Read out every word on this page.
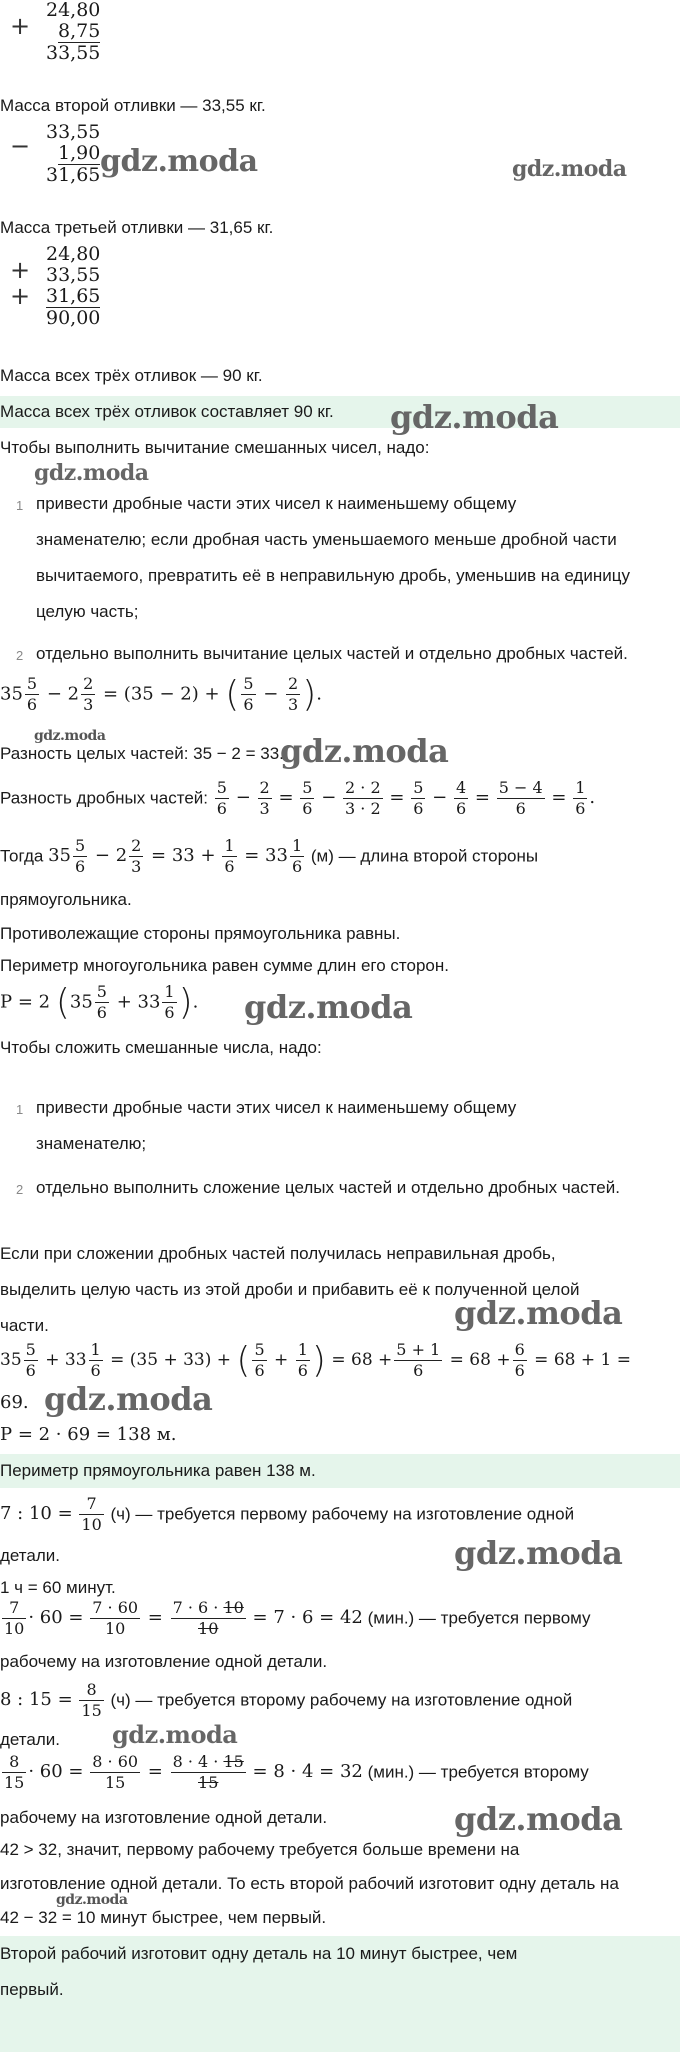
+
24,80
8,75
33,55
Масса второй отливки — 33,55 кг.
− 33,55
1,90
31,65 gdz.moda	gdz.moda
Масса третьей отливки — 31,65 кг.
+
+
24,80
33,55
31,65
90,00
Масса всех трёх отливок — 90 кг.
Масса всех трёх отливок составляет 90 кг. gdz.moda
Чтобы выполнить вычитание смешанных чисел, надо:
gdz.moda
1 привести дробные части этих чисел к наименьшему общему
знаменателю; если дробная часть уменьшаемого меньше дробной части
вычитаемого, превратить её в неправильную дробь, уменьшив на единицу
целую часть;
2 отдельно выполнить вычитание целых частей и отдельно дробных частей.
$35 \frac{5}{6} - 2 \frac{2}{3} = (35 - 2)$ + ( $\frac{5}{6} - \frac{2}{3}$ ).
gdz.moda
Разность целых частей: 35 − 2 = 33.
gdz.moda
Разность дробных частей: $\frac{5}{6} - \frac{2}{3} = \frac{5}{6} - \frac{2 \cdot 2}{3 \cdot 2} = \frac{5}{6} - \frac{4}{6} = \frac{5 - 4}{6} = \frac{1}{6}$ .
Тогда $35 \frac{5}{6} - 2 \frac{2}{3} = 33 + \frac{1}{6} = 33 \frac{1}{6} (м)$ — длина второй стороны
прямоугольника.
Противолежащие стороны прямоугольника равны.
Периметр многоугольника равен сумме длин его сторон.
P = 2 ($35 \frac{5}{6} + 33 \frac{1}{6}$ ). gdz.moda
Чтобы сложить смешанные числа, надо:
1 привести дробные части этих чисел к наименьшему общему
знаменателю;
2 отдельно выполнить сложение целых частей и отдельно дробных частей.
Если при сложении дробных частей получилась неправильная дробь,
выделить целую часть из этой дроби и прибавить её к полученной целой
части.	gdz.moda
$35 \frac{5}{6} + 33 \frac{1}{6} = (35 + 33)$ + ( $\frac{5}{6} + \frac{1}{6}$ ) = $68 + \frac{5 + 1}{6} = 68 + \frac{6}{6} = 68 + 1$ =
69. gdz.moda
P = 2 · 69 = 138 м.
Периметр прямоугольника равен 138 м.
7 : $10 = \frac{7}{10} (ч)$ — требуется первому рабочему на изготовление одной
детали.	gdz.moda
1 ч = 60 минут.
$\frac{7}{10} \cdot 60 = \frac{7 \cdot 60}{10} = \frac{7 \cdot 6 \cdot 10}{10} = 7 \cdot 6 = 42$ (мин.) — требуется первому
рабочему на изготовление одной детали.
8 : $15 = \frac{8}{15} (ч)$ — требуется второму рабочему на изготовление одной
детали. gdz.moda
$\frac{8}{15} \cdot 60 = \frac{8 \cdot 60}{15} = \frac{8 \cdot 4 \cdot 15}{15} = 8 \cdot 4 = 32$ (мин.) — требуется второму
рабочему на изготовление одной детали.	gdz.moda
42 > 32, значит, первому рабочему требуется больше времени на
изготовление одной детали. То есть второй рабочий изготовит одну деталь на
gdz.moda
42 − 32 = 10 минут быстрее, чем первый.
Второй рабочий изготовит одну деталь на 10 минут быстрее, чем
первый.
